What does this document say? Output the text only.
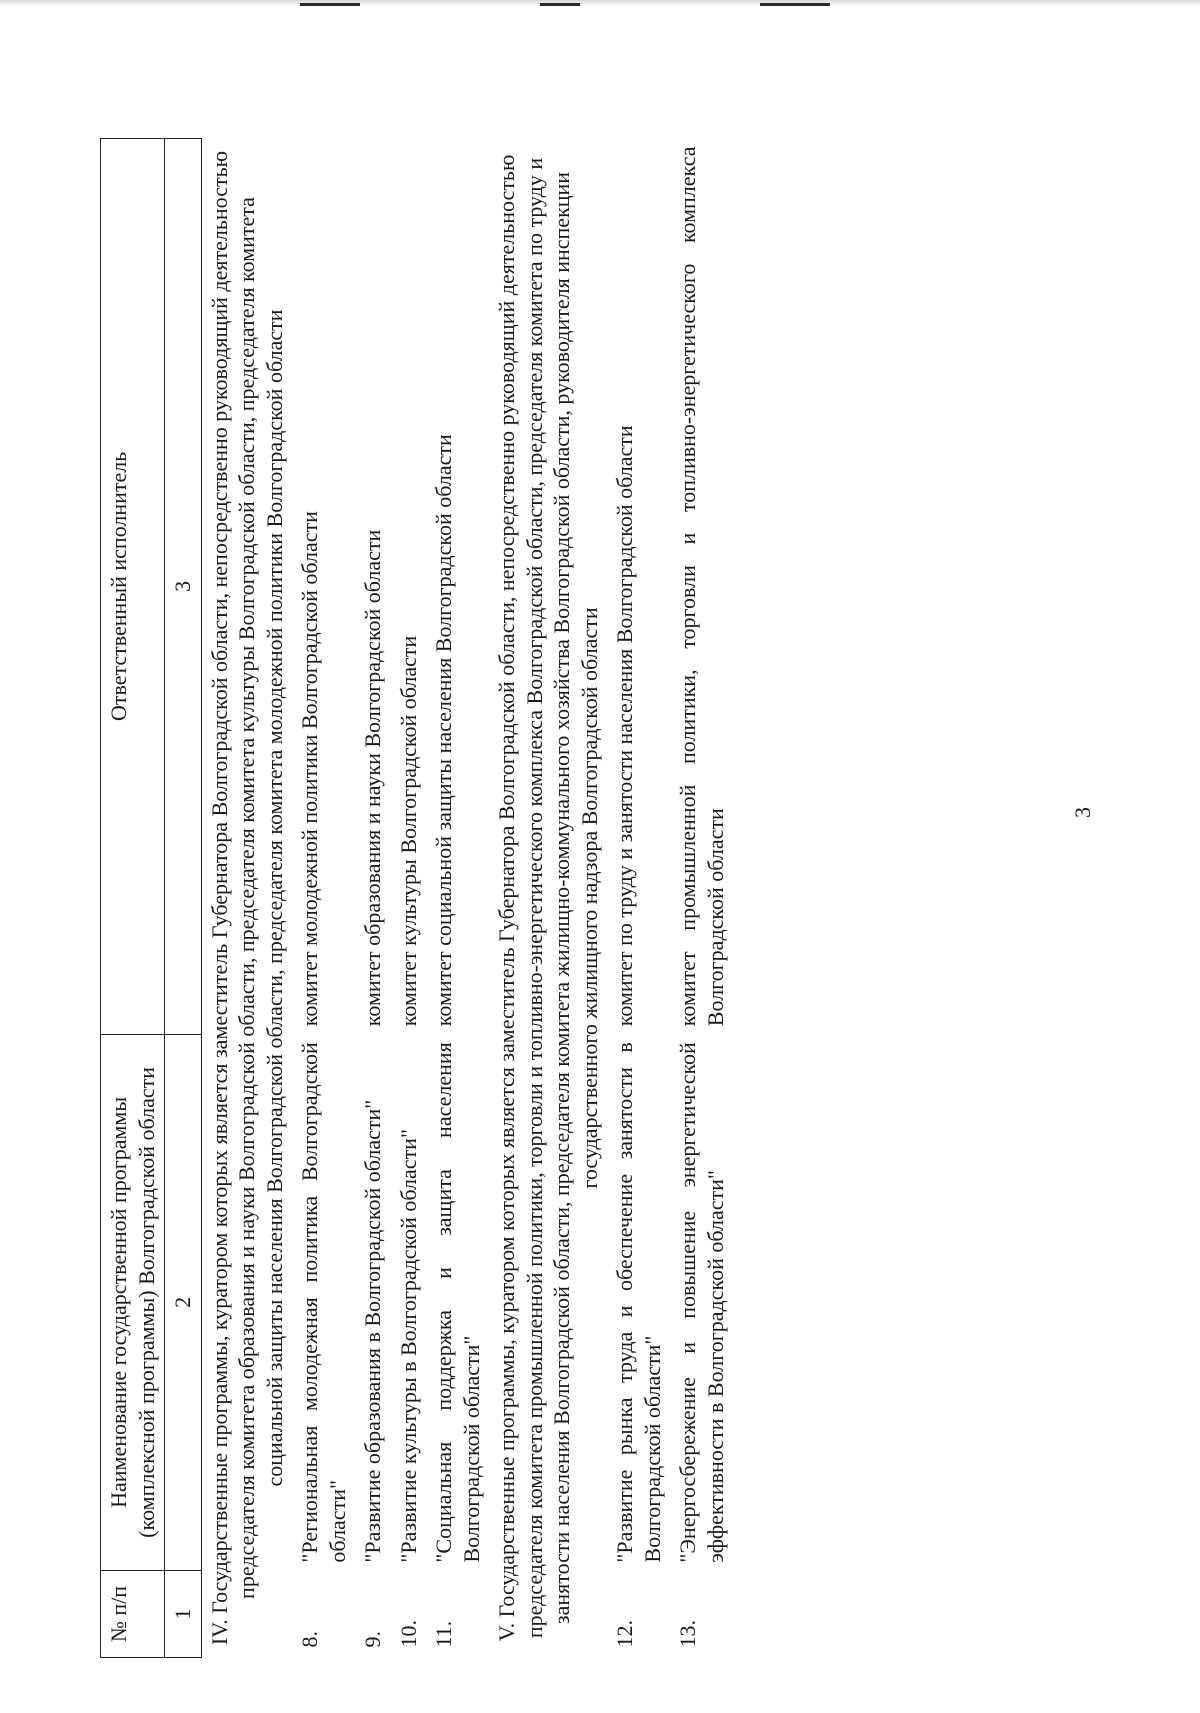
3
№ п/п	Наименование государственной программы (комплексной программы) Волгоградской области	Ответственный исполнитель
1	2	3
IV. Государственные программы, куратором которых является заместитель Губернатора Волгоградской области, непосредственно руководящий деятельностью председателя комитета образования и науки Волгоградской области, председателя комитета культуры Волгоградской области, председателя комитета социальной защиты населения Волгоградской области, председателя комитета молодежной политики Волгоградской области		
8.	"Региональная молодежная политика Волгоградской области"	комитет молодежной политики Волгоградской области
9.	"Развитие образования в Волгоградской области"	комитет образования и науки Волгоградской области
10.	"Развитие культуры в Волгоградской области"	комитет культуры Волгоградской области
11.	"Социальная поддержка и защита населения Волгоградской области"	комитет социальной защиты населения Волгоградской области
V. Государственные программы, куратором которых является заместитель Губернатора Волгоградской области, непосредственно руководящий деятельностью председателя комитета промышленной политики, торговли и топливно-энергетического комплекса Волгоградской области, председателя комитета по труду и занятости населения Волгоградской области, председателя комитета жилищно-коммунального хозяйства Волгоградской области, руководителя инспекции государственного жилищного надзора Волгоградской области		
12.	"Развитие рынка труда и обеспечение занятости в Волгоградской области"	комитет по труду и занятости населения Волгоградской области
13.	"Энергосбережение и повышение энергетической эффективности в Волгоградской области"	комитет промышленной политики, торговли и топливно-энергетического комплекса Волгоградской области
